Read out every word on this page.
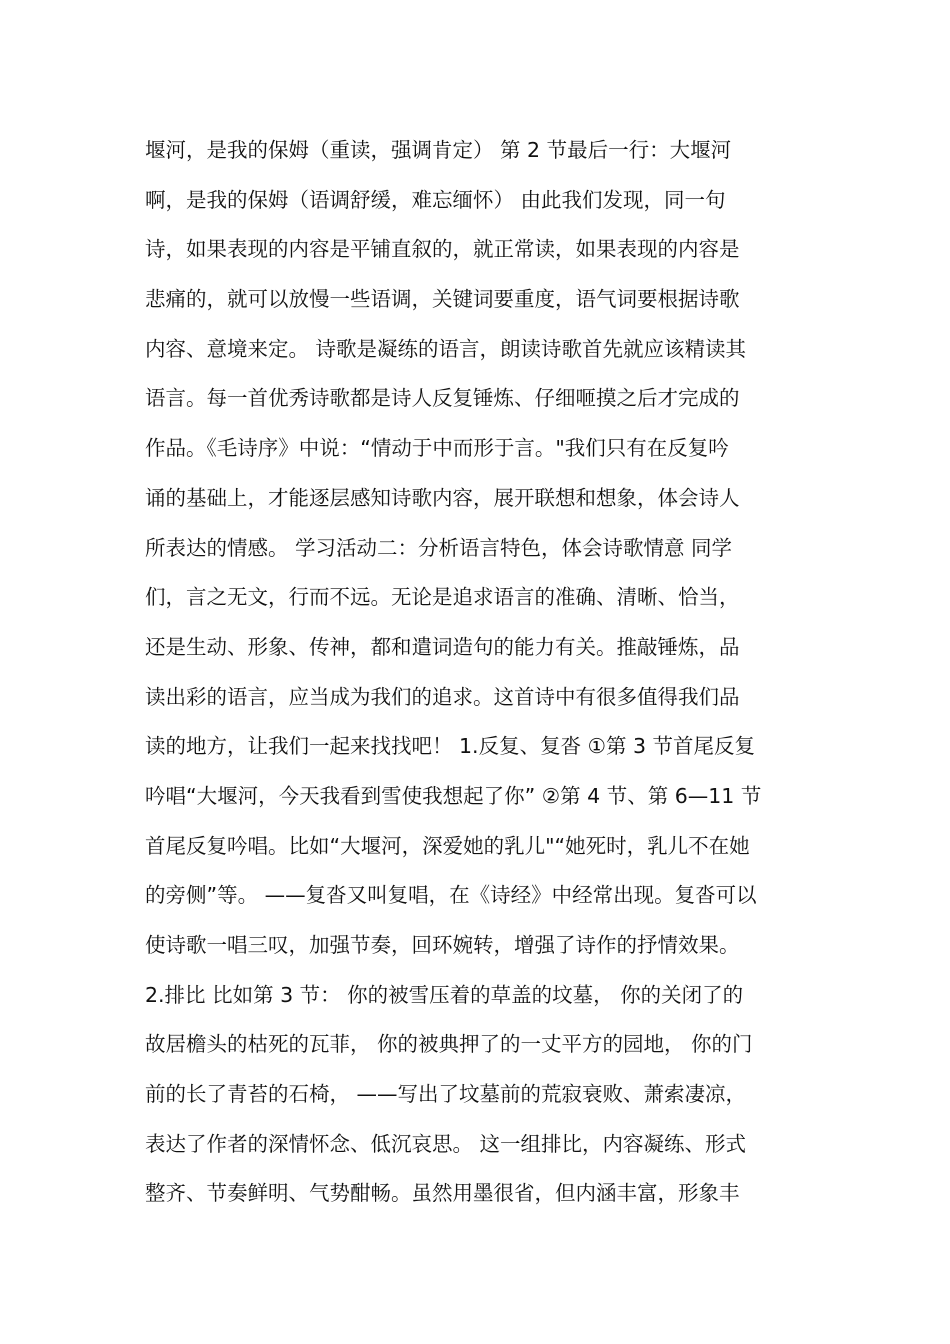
堰河，是我的保姆（重读，强调肯定） 第 2 节最后一行：大堰河
啊，是我的保姆（语调舒缓，难忘缅怀） 由此我们发现，同一句
诗，如果表现的内容是平铺直叙的，就正常读，如果表现的内容是
悲痛的，就可以放慢一些语调，关键词要重度，语气词要根据诗歌
内容、意境来定。 诗歌是凝练的语言，朗读诗歌首先就应该精读其
语言。每一首优秀诗歌都是诗人反复锤炼、仔细咂摸之后才完成的
作品。《毛诗序》中说：“情动于中而形于言。"我们只有在反复吟
诵的基础上，才能逐层感知诗歌内容，展开联想和想象，体会诗人
所表达的情感。 学习活动二：分析语言特色，体会诗歌情意 同学
们，言之无文，行而不远。无论是追求语言的准确、清晰、恰当，
还是生动、形象、传神，都和遣词造句的能力有关。推敲锤炼，品
读出彩的语言，应当成为我们的追求。这首诗中有很多值得我们品
读的地方，让我们一起来找找吧！ 1.反复、复沓 ①第 3 节首尾反复
吟唱“大堰河，今天我看到雪使我想起了你” ②第 4 节、第 6—11 节
首尾反复吟唱。比如“大堰河，深爱她的乳儿"“她死时，乳儿不在她
的旁侧”等。 ——复沓又叫复唱，在《诗经》中经常出现。复沓可以
使诗歌一唱三叹，加强节奏，回环婉转，增强了诗作的抒情效果。
2.排比 比如第 3 节： 你的被雪压着的草盖的坟墓， 你的关闭了的
故居檐头的枯死的瓦菲， 你的被典押了的一丈平方的园地， 你的门
前的长了青苔的石椅， ——写出了坟墓前的荒寂衰败、萧索凄凉，
表达了作者的深情怀念、低沉哀思。 这一组排比，内容凝练、形式
整齐、节奏鲜明、气势酣畅。虽然用墨很省，但内涵丰富，形象丰
